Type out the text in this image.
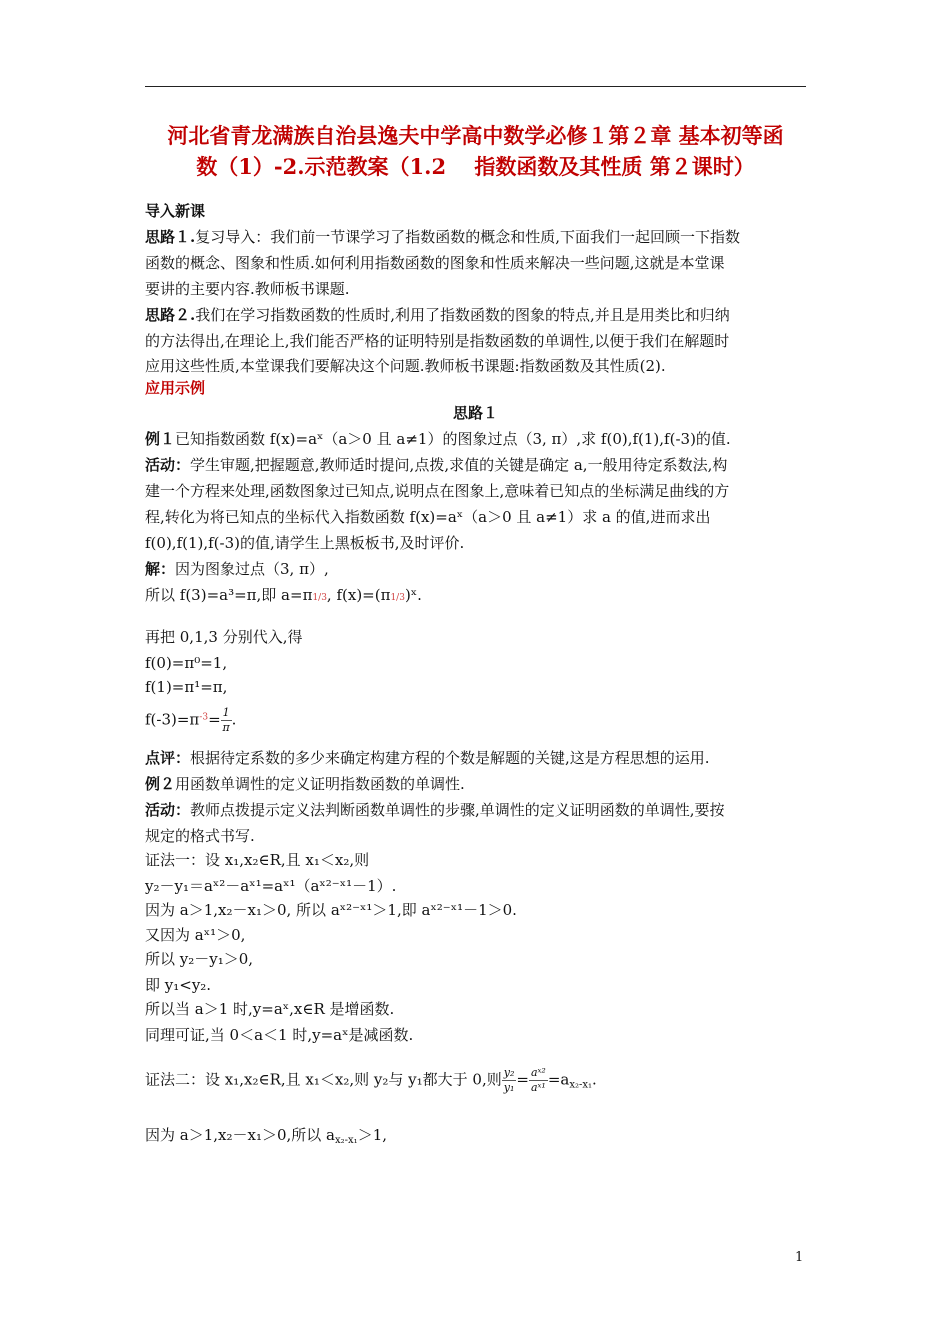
河北省青龙满族自治县逸夫中学高中数学必修１第２章 基本初等函
数（1）-2.示范教案（1.2　 指数函数及其性质 第２课时）
导入新课
思路１.复习导入：我们前一节课学习了指数函数的概念和性质,下面我们一起回顾一下指数
函数的概念、图象和性质.如何利用指数函数的图象和性质来解决一些问题,这就是本堂课
要讲的主要内容.教师板书课题.
思路２.我们在学习指数函数的性质时,利用了指数函数的图象的特点,并且是用类比和归纳
的方法得出,在理论上,我们能否严格的证明特别是指数函数的单调性,以便于我们在解题时
应用这些性质,本堂课我们要解决这个问题.教师板书课题:指数函数及其性质(2).
应用示例
思路１
例１已知指数函数 f(x)=aˣ（a＞0 且 a≠1）的图象过点（3, π）,求 f(0),f(1),f(-3)的值.
活动：学生审题,把握题意,教师适时提问,点拨,求值的关键是确定 a,一般用待定系数法,构
建一个方程来处理,函数图象过已知点,说明点在图象上,意味着已知点的坐标满足曲线的方
程,转化为将已知点的坐标代入指数函数 f(x)=aˣ（a＞0 且 a≠1）求 a 的值,进而求出
f(0),f(1),f(-3)的值,请学生上黑板板书,及时评价.
解：因为图象过点（3, π）,
所以 f(3)=a³=π,即 a=π1/3, f(x)=(π1/3)ˣ.
再把 0,1,3 分别代入,得
f(0)=π⁰=1,
f(1)=π¹=π,
$f(-3)=\pi^{-3}= \frac{1}{\pi}$ .
点评：根据待定系数的多少来确定构建方程的个数是解题的关键,这是方程思想的运用.
例２用函数单调性的定义证明指数函数的单调性.
活动：教师点拨提示定义法判断函数单调性的步骤,单调性的定义证明函数的单调性,要按
规定的格式书写.
证法一：设 x₁,x₂∈R,且 x₁＜x₂,则
y₂－y₁＝aˣ²－aˣ¹=aˣ¹（aˣ²⁻ˣ¹－1）.
因为 a＞1,x₂－x₁＞0, 所以 aˣ²⁻ˣ¹＞1,即 aˣ²⁻ˣ¹－1＞0.
又因为 aˣ¹＞0,
所以 y₂－y₁＞0,
即 y₁<y₂.
所以当 a＞1 时,y=aˣ,x∈R 是增函数.
同理可证,当 0＜a＜1 时,y=aˣ是减函数.
证法二：设 x₁,x₂∈R,且 x₁＜x₂,则 y₂与 y₁都大于 0,则 $\frac{\text{y₂}}{\text{y₁}} = \frac{\text{aˣ²}}{\text{aˣ¹}} =a_{x_2-x_1}$.
因为 a＞1,x₂－x₁＞0,所以 $a_{x_2-x_1}>1$,
1
